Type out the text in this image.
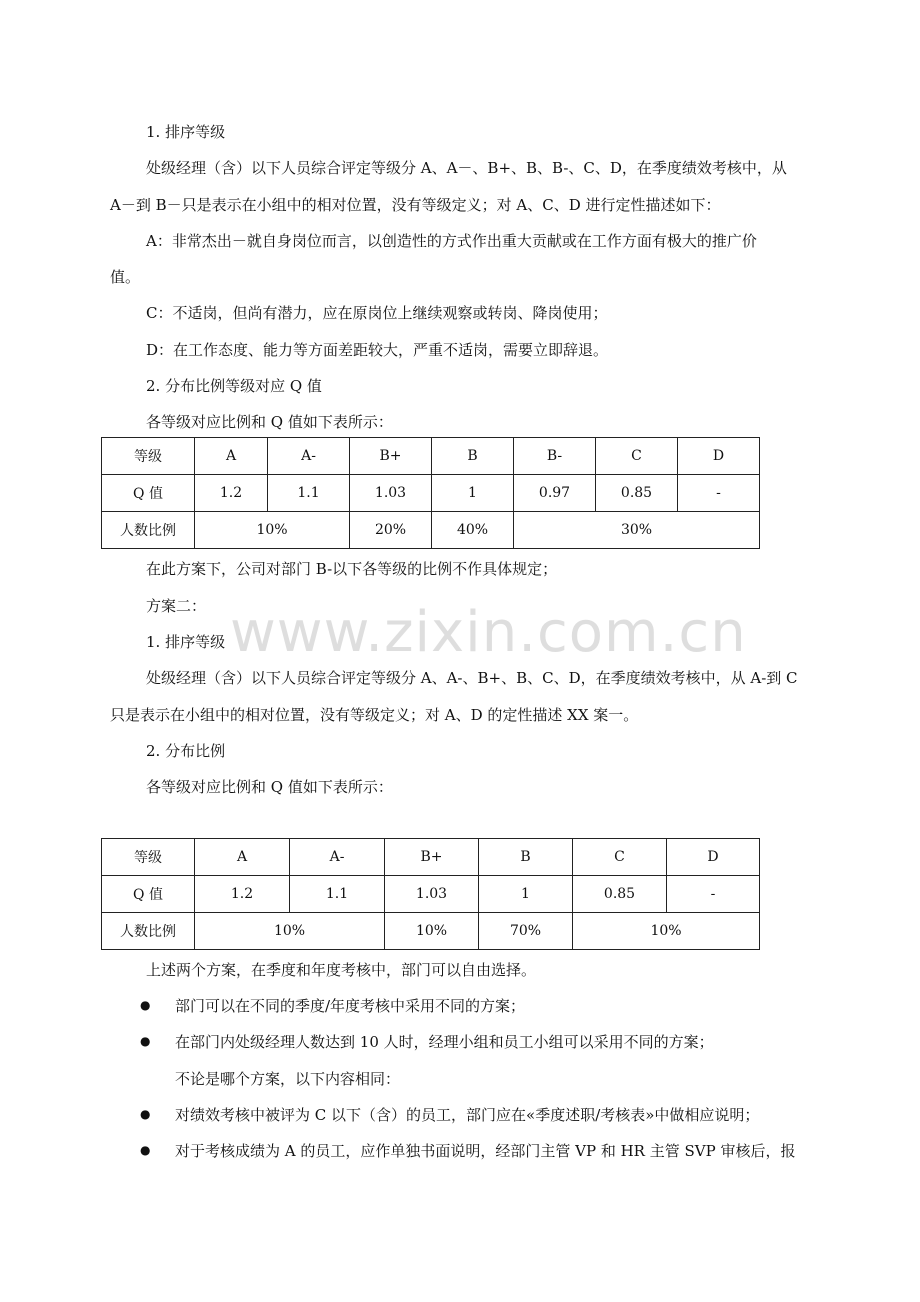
www.zixin.com.cn
1. 排序等级
处级经理（含）以下人员综合评定等级分 A、A－、B+、B、B-、C、D，在季度绩效考核中，从
A－到 B－只是表示在小组中的相对位置，没有等级定义；对 A、C、D 进行定性描述如下：
A：非常杰出－就自身岗位而言，以创造性的方式作出重大贡献或在工作方面有极大的推广价
值。
C：不适岗，但尚有潜力，应在原岗位上继续观察或转岗、降岗使用；
D：在工作态度、能力等方面差距较大，严重不适岗，需要立即辞退。
2. 分布比例等级对应 Q 值
各等级对应比例和 Q 值如下表所示：
等级	A	A-	B+	B	B-	C	D
Q 值	1.2	1.1	1.03	1	0.97	0.85	-
人数比例	10%		20%	40%	30%		
在此方案下，公司对部门 B-以下各等级的比例不作具体规定；
方案二：
1. 排序等级
处级经理（含）以下人员综合评定等级分 A、A-、B+、B、C、D，在季度绩效考核中，从 A-到 C
只是表示在小组中的相对位置，没有等级定义；对 A、D 的定性描述 XX 案一。
2. 分布比例
各等级对应比例和 Q 值如下表所示：
等级	A	A-	B+	B	C	D
Q 值	1.2	1.1	1.03	1	0.85	-
人数比例	10%		10%	70%	10%	
上述两个方案，在季度和年度考核中，部门可以自由选择。
● 部门可以在不同的季度/年度考核中采用不同的方案；
● 在部门内处级经理人数达到 10 人时，经理小组和员工小组可以采用不同的方案；
不论是哪个方案，以下内容相同：
● 对绩效考核中被评为 C 以下（含）的员工，部门应在«季度述职/考核表»中做相应说明；
● 对于考核成绩为 A 的员工，应作单独书面说明，经部门主管 VP 和 HR 主管 SVP 审核后，报
